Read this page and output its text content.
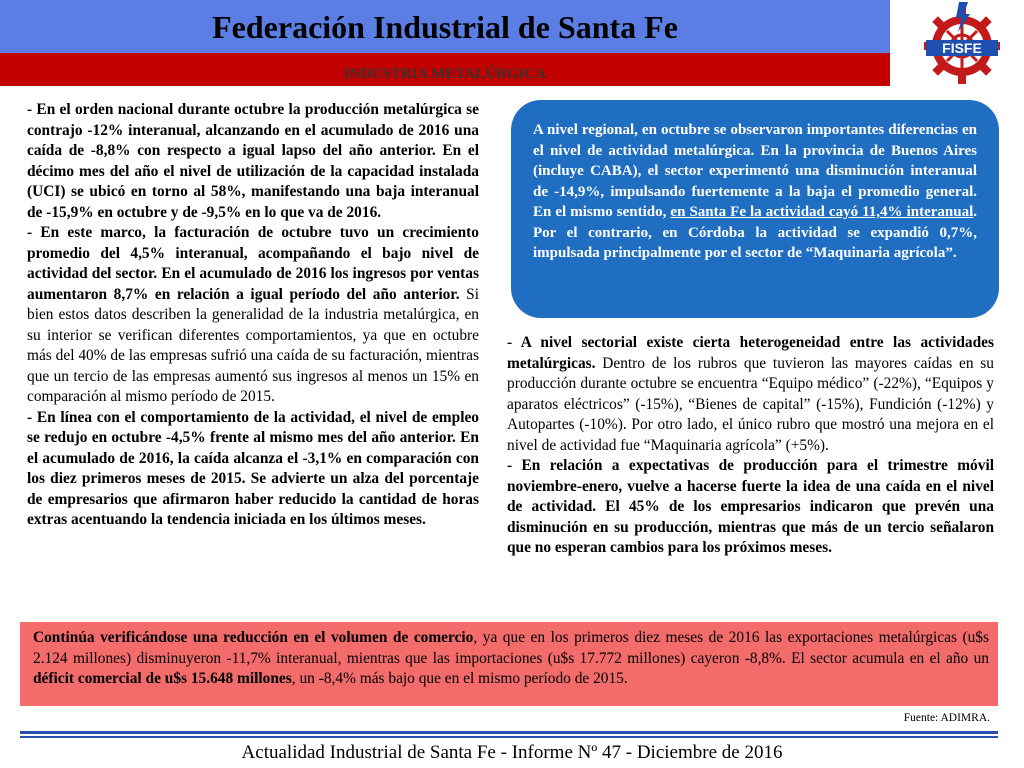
Federación Industrial de Santa Fe
INDUSTRIA METALÚRGICA
FISFE

- En el orden nacional durante octubre la producción metalúrgica se contrajo -12% interanual, alcanzando en el acumulado de 2016 una caída de -8,8% con respecto a igual lapso del año anterior. En el décimo mes del año el nivel de utilización de la capacidad instalada (UCI) se ubicó en torno al 58%, manifestando una baja interanual de -15,9% en octubre y de -9,5% en lo que va de 2016.

- En este marco, la facturación de octubre tuvo un crecimiento promedio del 4,5% interanual, acompañando el bajo nivel de actividad del sector. En el acumulado de 2016 los ingresos por ventas aumentaron 8,7% en relación a igual período del año anterior. Si bien estos datos describen la generalidad de la industria metalúrgica, en su interior se verifican diferentes comportamientos, ya que en octubre más del 40% de las empresas sufrió una caída de su facturación, mientras que un tercio de las empresas aumentó sus ingresos al menos un 15% en comparación al mismo período de 2015.

- En línea con el comportamiento de la actividad, el nivel de empleo se redujo en octubre -4,5% frente al mismo mes del año anterior. En el acumulado de 2016, la caída alcanza el -3,1% en comparación con los diez primeros meses de 2015. Se advierte un alza del porcentaje de empresarios que afirmaron haber reducido la cantidad de horas extras acentuando la tendencia iniciada en los últimos meses.

A nivel regional, en octubre se observaron importantes diferencias en el nivel de actividad metalúrgica. En la provincia de Buenos Aires (incluye CABA), el sector experimentó una disminución interanual de -14,9%, impulsando fuertemente a la baja el promedio general. En el mismo sentido, en Santa Fe la actividad cayó 11,4% interanual. Por el contrario, en Córdoba la actividad se expandió 0,7%, impulsada principalmente por el sector de “Maquinaria agrícola”.

- A nivel sectorial existe cierta heterogeneidad entre las actividades metalúrgicas. Dentro de los rubros que tuvieron las mayores caídas en su producción durante octubre se encuentra “Equipo médico” (-22%), “Equipos y aparatos eléctricos” (-15%), “Bienes de capital” (-15%), Fundición (-12%) y Autopartes (-10%). Por otro lado, el único rubro que mostró una mejora en el nivel de actividad fue “Maquinaria agrícola” (+5%).

- En relación a expectativas de producción para el trimestre móvil noviembre-enero, vuelve a hacerse fuerte la idea de una caída en el nivel de actividad. El 45% de los empresarios indicaron que prevén una disminución en su producción, mientras que más de un tercio señalaron que no esperan cambios para los próximos meses.

Continúa verificándose una reducción en el volumen de comercio, ya que en los primeros diez meses de 2016 las exportaciones metalúrgicas (u$s 2.124 millones) disminuyeron -11,7% interanual, mientras que las importaciones (u$s 17.772 millones) cayeron -8,8%. El sector acumula en el año un déficit comercial de u$s 15.648 millones, un -8,4% más bajo que en el mismo período de 2015.

Fuente: ADIMRA.
Actualidad Industrial de Santa Fe - Informe Nº 47 - Diciembre de 2016
